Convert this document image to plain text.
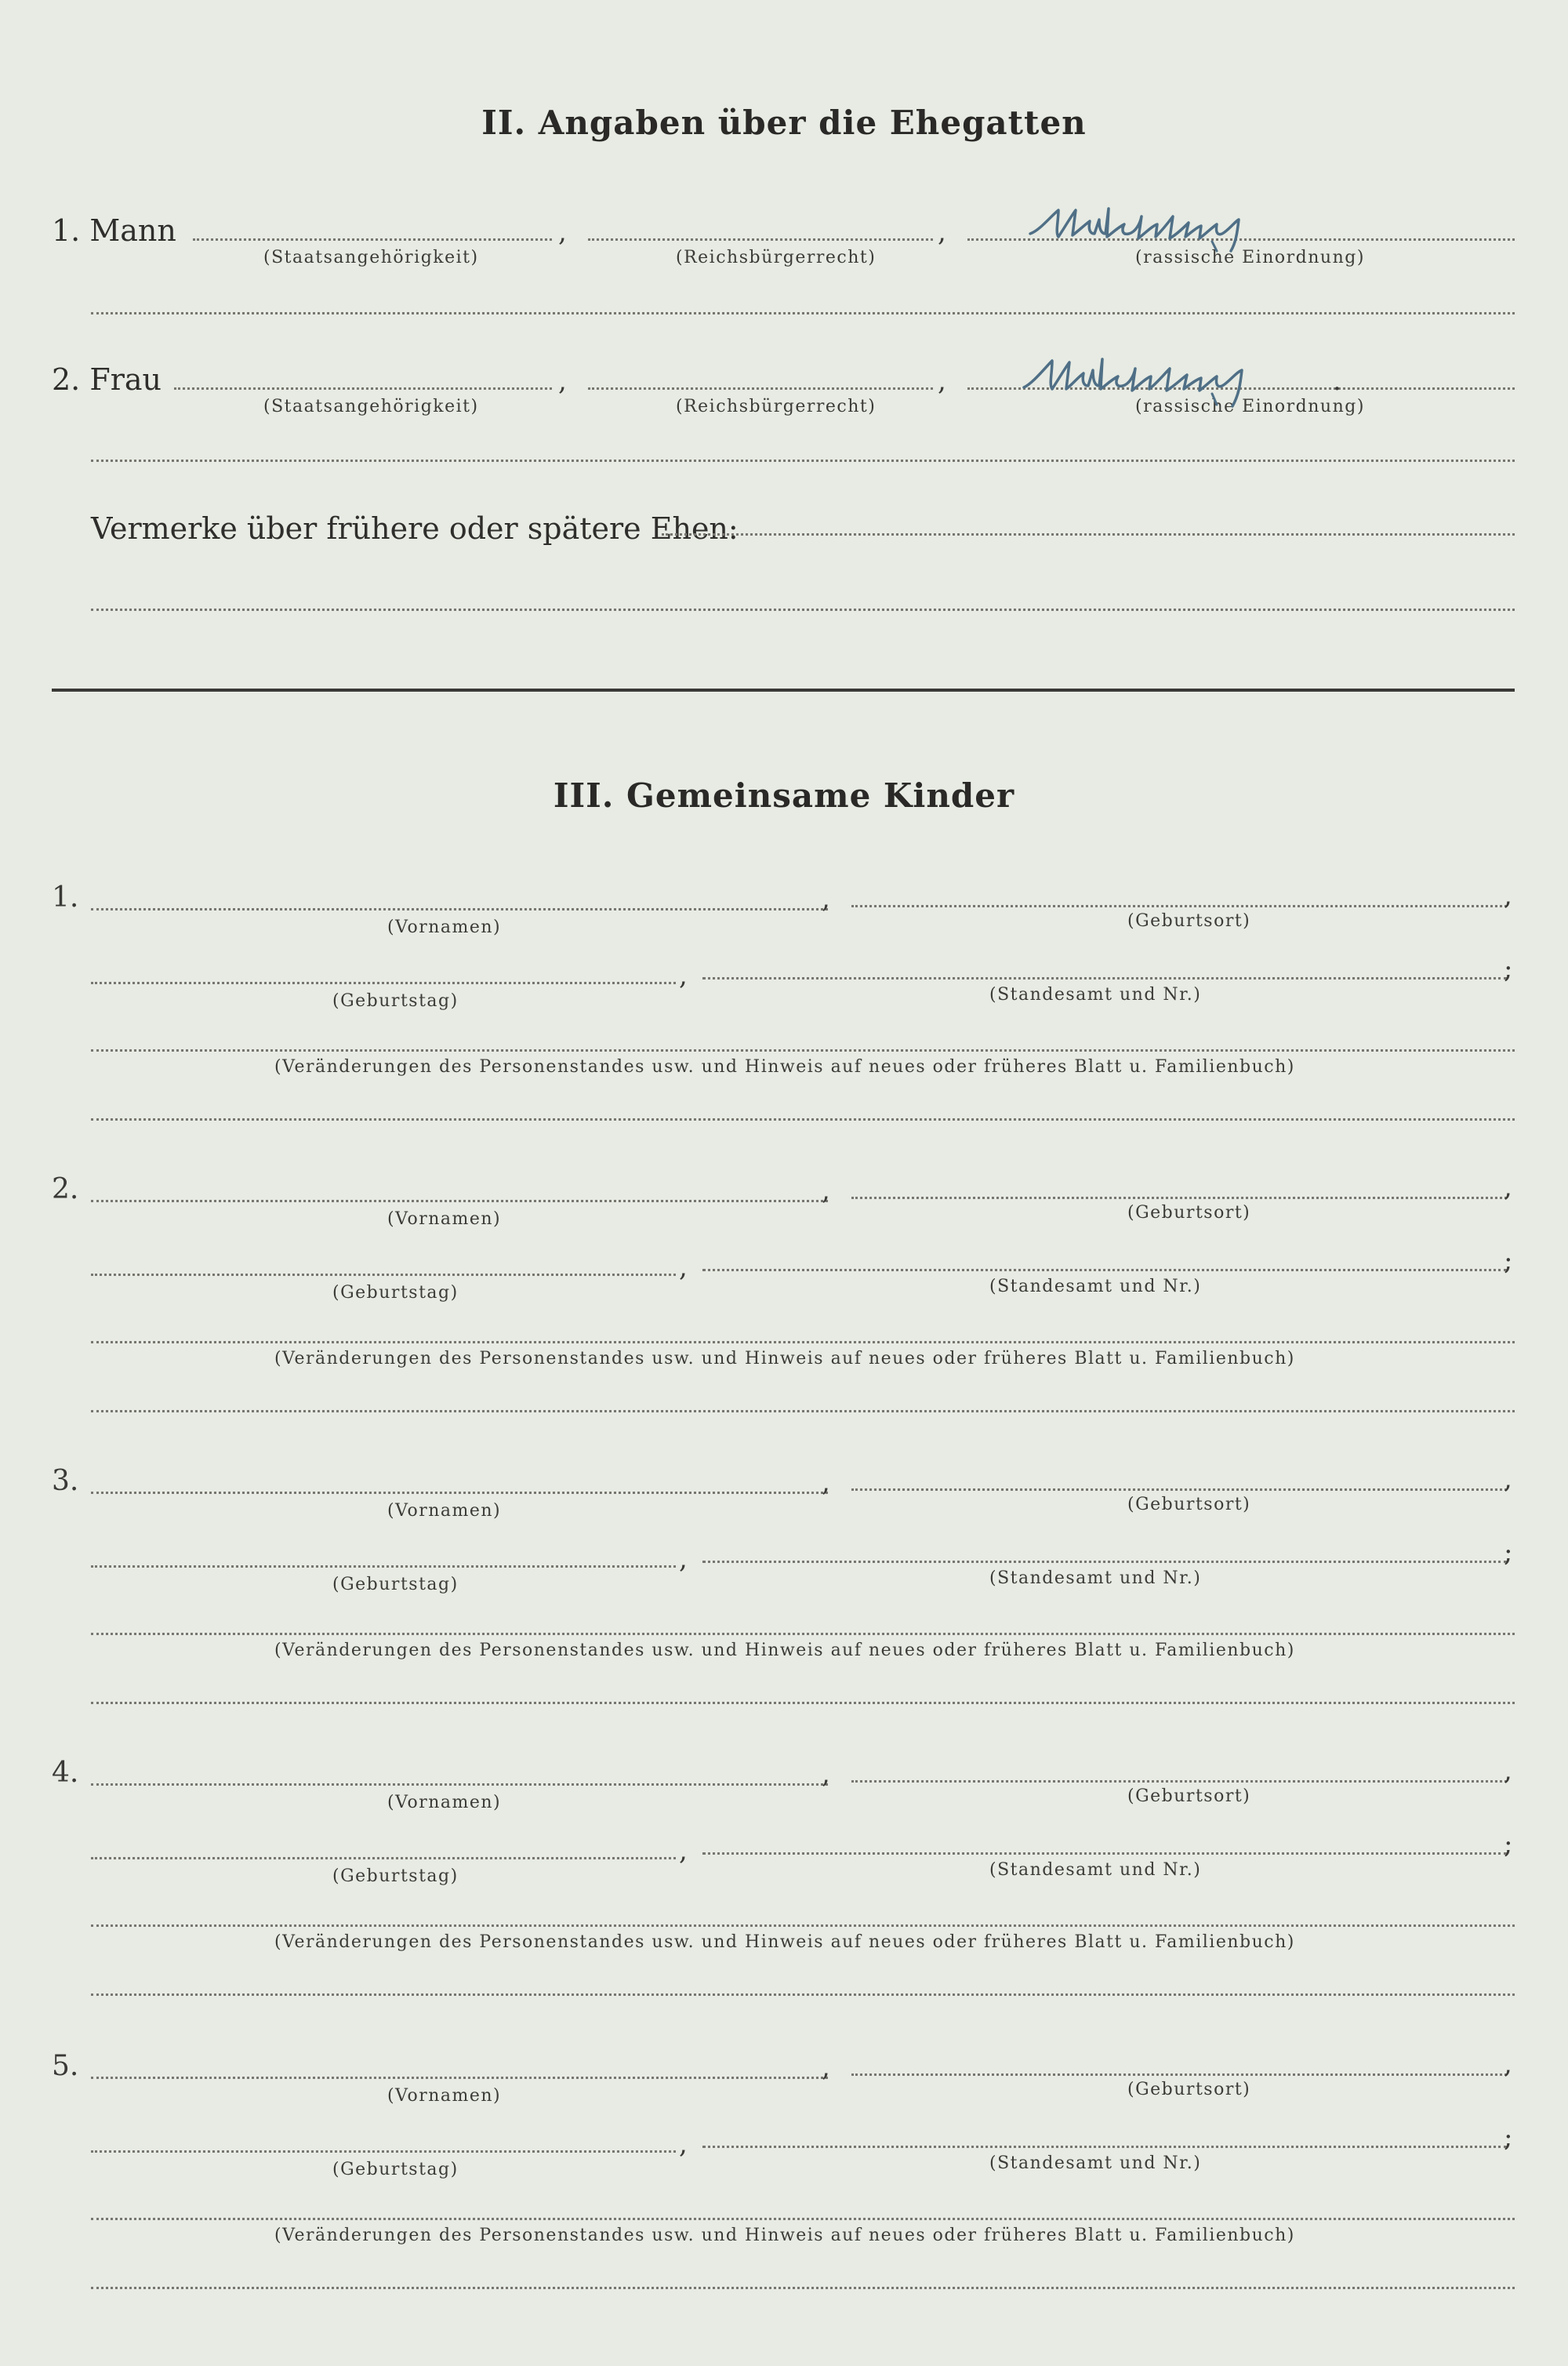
II. Angaben über die Ehegatten
1. Mann	,	,
(Staatsangehörigkeit)	(Reichsbürgerrecht)	(rassische Einordnung)
2. Frau	,	,
(Staatsangehörigkeit)	(Reichsbürgerrecht)	(rassische Einordnung)
.
Vermerke über frühere oder spätere Ehen:
III. Gemeinsame Kinder
1.	,	,
(Vornamen)	(Geburtsort)
,	;
(Geburtstag)	(Standesamt und Nr.)
(Veränderungen des Personenstandes usw. und Hinweis auf neues oder früheres Blatt u. Familienbuch)
2.	,	,
(Vornamen)	(Geburtsort)
,	;
(Geburtstag)	(Standesamt und Nr.)
(Veränderungen des Personenstandes usw. und Hinweis auf neues oder früheres Blatt u. Familienbuch)
3.	,	,
(Vornamen)	(Geburtsort)
,	;
(Geburtstag)	(Standesamt und Nr.)
(Veränderungen des Personenstandes usw. und Hinweis auf neues oder früheres Blatt u. Familienbuch)
4.	,	,
(Vornamen)	(Geburtsort)
,	;
(Geburtstag)	(Standesamt und Nr.)
(Veränderungen des Personenstandes usw. und Hinweis auf neues oder früheres Blatt u. Familienbuch)
5.	,	,
(Vornamen)	(Geburtsort)
,	;
(Geburtstag)	(Standesamt und Nr.)
(Veränderungen des Personenstandes usw. und Hinweis auf neues oder früheres Blatt u. Familienbuch)
